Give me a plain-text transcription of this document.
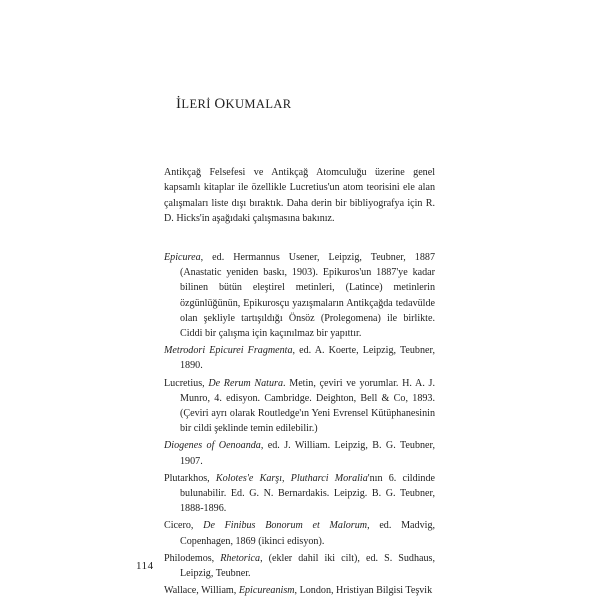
İLERİ OKUMALAR

Antikçağ Felsefesi ve Antikçağ Atomculuğu üzerine genel kapsamlı kitaplar ile özellikle Lucretius'un atom teorisini ele alan çalışmaları liste dışı bıraktık. Daha derin bir bibliyografya için R. D. Hicks'in aşağıdaki çalışmasına bakınız.

Epicurea, ed. Hermannus Usener, Leipzig, Teubner, 1887 (Anastatic yeniden baskı, 1903). Epikuros'un 1887'ye kadar bilinen bütün eleştirel metinleri, (Latince) metinlerin özgünlüğünün, Epikurosçu yazışmaların Antikçağda tedavülde olan şekliyle tartışıldığı Önsöz (Prolegomena) ile birlikte. Ciddi bir çalışma için kaçınılmaz bir yapıttır.
Metrodori Epicurei Fragmenta, ed. A. Koerte, Leipzig, Teubner, 1890.
Lucretius, De Rerum Natura. Metin, çeviri ve yorumlar. H. A. J. Munro, 4. edisyon. Cambridge. Deighton, Bell & Co, 1893. (Çeviri ayrı olarak Routledge'ın Yeni Evrensel Kütüphanesinin bir cildi şeklinde temin edilebilir.)
Diogenes of Oenoanda, ed. J. William. Leipzig, B. G. Teubner, 1907.
Plutarkhos, Kolotes'e Karşı, Plutharci Moralia'nın 6. cildinde bulunabilir. Ed. G. N. Bernardakis. Leipzig. B. G. Teubner, 1888-1896.
Cicero, De Finibus Bonorum et Malorum, ed. Madvig, Copenhagen, 1869 (ikinci edisyon).
Philodemos, Rhetorica, (ekler dahil iki cilt), ed. S. Sudhaus, Leipzig, Teubner.
Wallace, William, Epicureanism, London, Hristiyan Bilgisi Teşvik
114
